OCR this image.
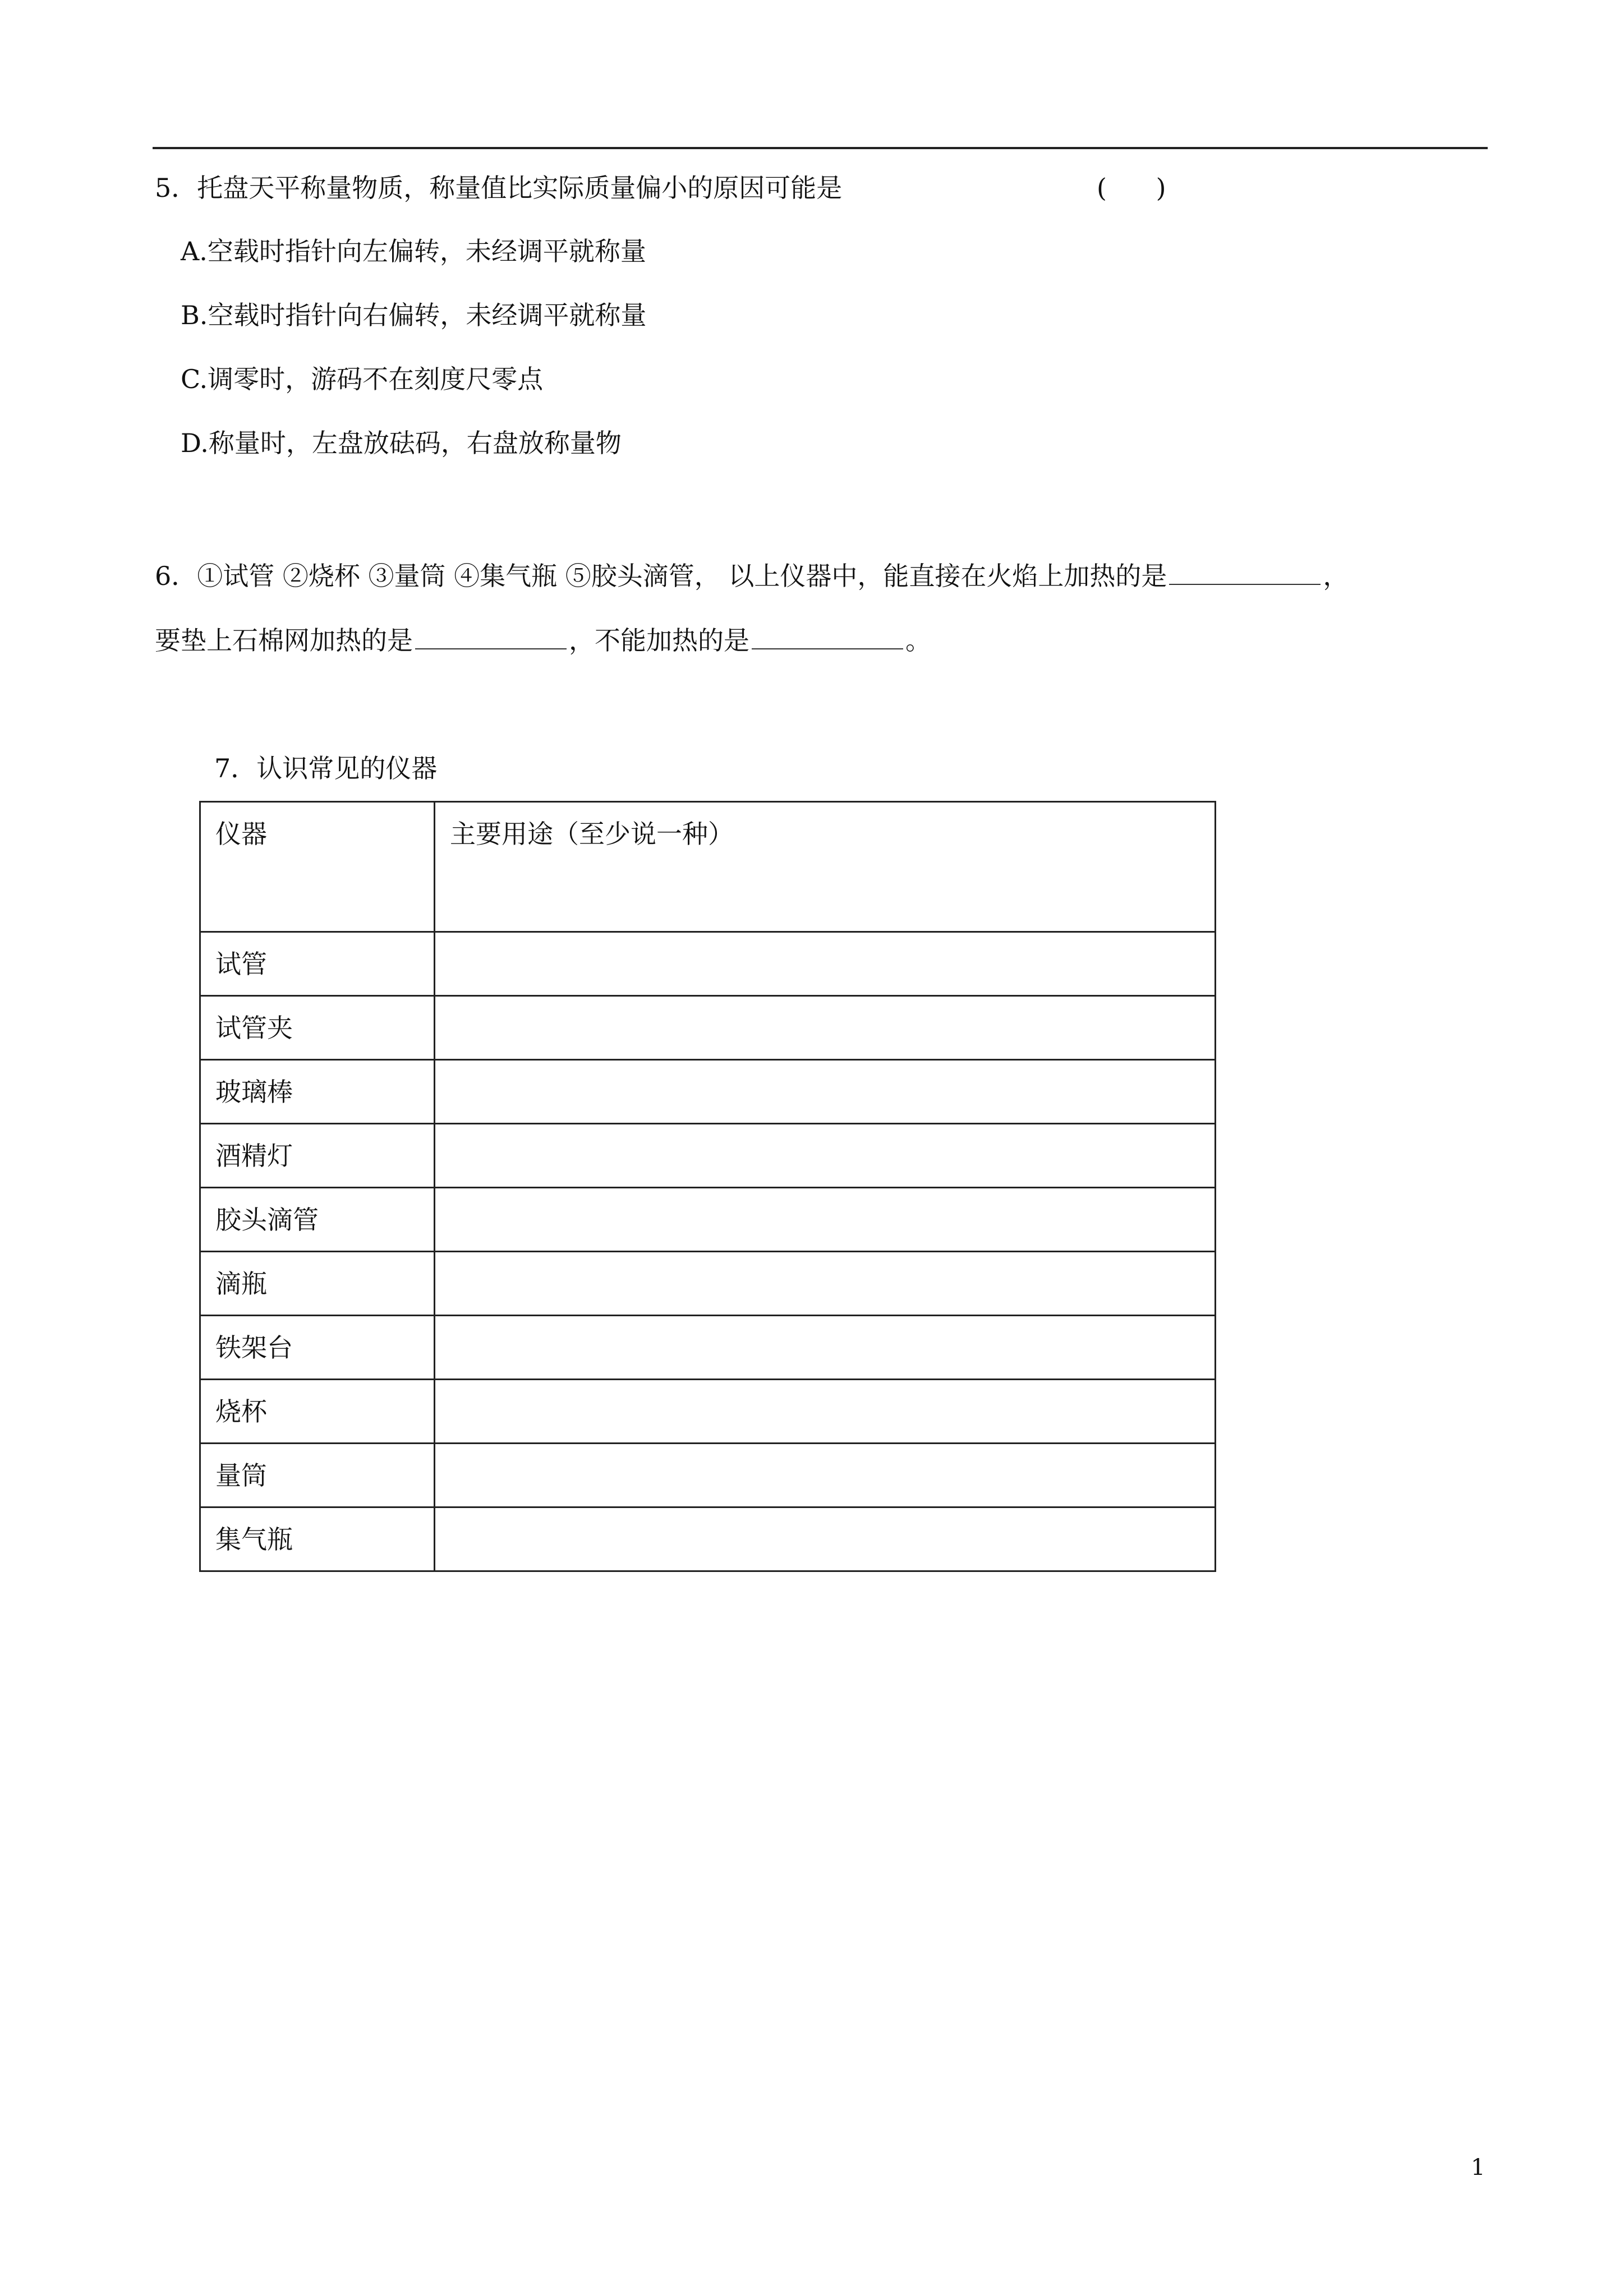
5．托盘天平称量物质，称量值比实际质量偏小的原因可能是	(      )
A.空载时指针向左偏转，未经调平就称量
B.空载时指针向右偏转，未经调平就称量
C.调零时，游码不在刻度尺零点
D.称量时，左盘放砝码，右盘放称量物
6．①试管 ②烧杯 ③量筒 ④集气瓶 ⑤胶头滴管， 以上仪器中，能直接在火焰上加热的是	，
要垫上石棉网加热的是	，不能加热的是	。
7．认识常见的仪器
仪器	主要用途（至少说一种）
试管	
试管夹	
玻璃棒	
酒精灯	
胶头滴管	
滴瓶	
铁架台	
烧杯	
量筒	
集气瓶	
1
